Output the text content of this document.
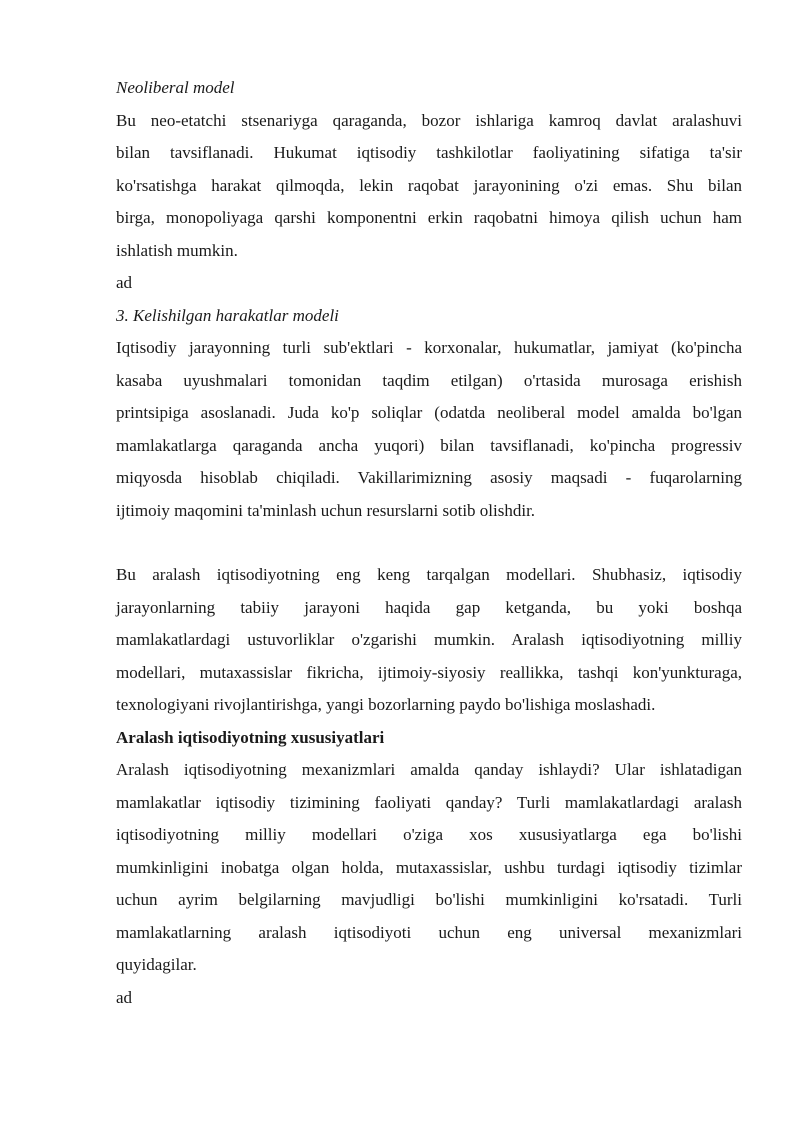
Neoliberal model
Bu neo-etatchi stsenariyga qaraganda, bozor ishlariga kamroq davlat aralashuvi
bilan tavsiflanadi. Hukumat iqtisodiy tashkilotlar faoliyatining sifatiga ta'sir
ko'rsatishga harakat qilmoqda, lekin raqobat jarayonining o'zi emas. Shu bilan
birga, monopoliyaga qarshi komponentni erkin raqobatni himoya qilish uchun ham
ishlatish mumkin.
ad
3. Kelishilgan harakatlar modeli
Iqtisodiy jarayonning turli sub'ektlari - korxonalar, hukumatlar, jamiyat (ko'pincha
kasaba uyushmalari tomonidan taqdim etilgan) o'rtasida murosaga erishish
printsipiga asoslanadi. Juda ko'p soliqlar (odatda neoliberal model amalda bo'lgan
mamlakatlarga qaraganda ancha yuqori) bilan tavsiflanadi, ko'pincha progressiv
miqyosda hisoblab chiqiladi. Vakillarimizning asosiy maqsadi - fuqarolarning
ijtimoiy maqomini ta'minlash uchun resurslarni sotib olishdir.
Bu aralash iqtisodiyotning eng keng tarqalgan modellari. Shubhasiz, iqtisodiy
jarayonlarning tabiiy jarayoni haqida gap ketganda, bu yoki boshqa
mamlakatlardagi ustuvorliklar o'zgarishi mumkin. Aralash iqtisodiyotning milliy
modellari, mutaxassislar fikricha, ijtimoiy-siyosiy reallikka, tashqi kon'yunkturaga,
texnologiyani rivojlantirishga, yangi bozorlarning paydo bo'lishiga moslashadi.
Aralash iqtisodiyotning xususiyatlari
Aralash iqtisodiyotning mexanizmlari amalda qanday ishlaydi? Ular ishlatadigan
mamlakatlar iqtisodiy tizimining faoliyati qanday? Turli mamlakatlardagi aralash
iqtisodiyotning milliy modellari o'ziga xos xususiyatlarga ega bo'lishi
mumkinligini inobatga olgan holda, mutaxassislar, ushbu turdagi iqtisodiy tizimlar
uchun ayrim belgilarning mavjudligi bo'lishi mumkinligini ko'rsatadi. Turli
mamlakatlarning aralash iqtisodiyoti uchun eng universal mexanizmlari
quyidagilar.
ad
